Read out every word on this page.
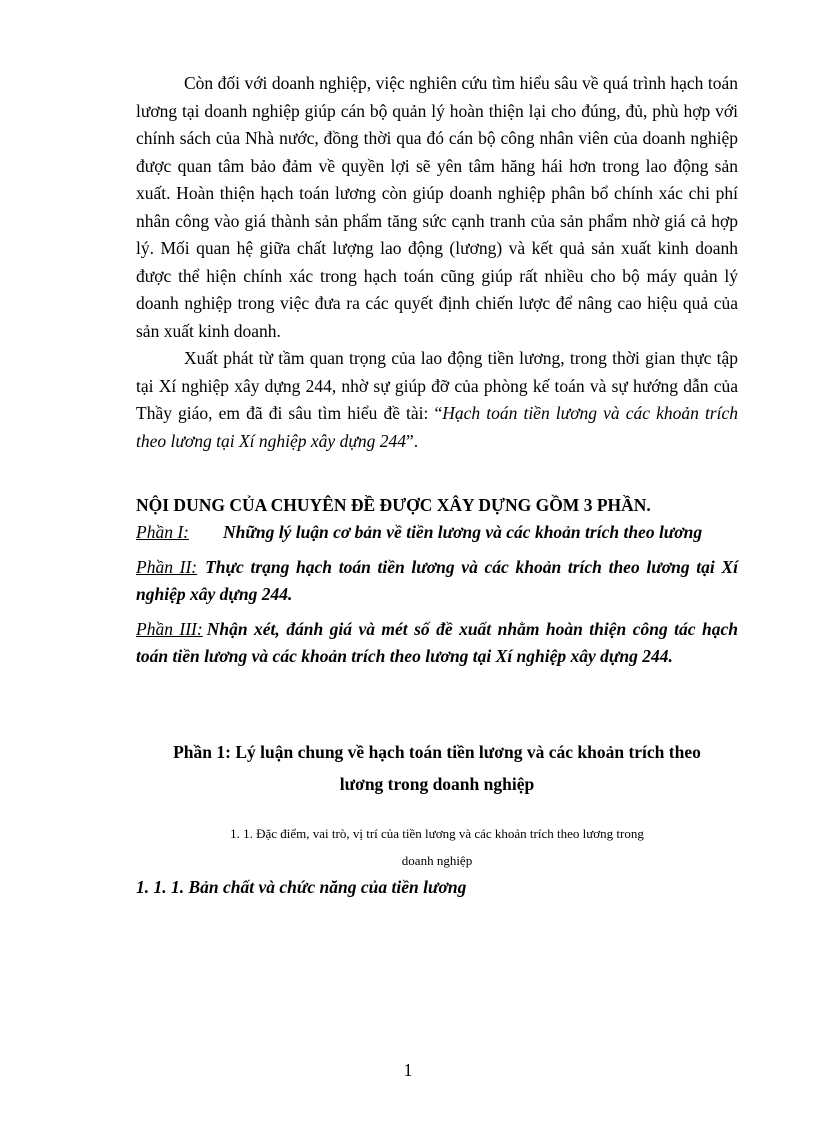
Còn đối với doanh nghiệp, việc nghiên cứu tìm hiểu sâu về quá trình hạch toán lương tại doanh nghiệp giúp cán bộ quản lý hoàn thiện lại cho đúng, đủ, phù hợp với chính sách của Nhà nước, đồng thời qua đó cán bộ công nhân viên của doanh nghiệp được quan tâm bảo đảm về quyền lợi sẽ yên tâm hăng hái hơn trong lao động sản xuất. Hoàn thiện hạch toán lương còn giúp doanh nghiệp phân bổ chính xác chi phí nhân công vào giá thành sản phẩm tăng sức cạnh tranh của sản phẩm nhờ giá cả hợp lý. Mối quan hệ giữa chất lượng lao động (lương) và kết quả sản xuất kinh doanh được thể hiện chính xác trong hạch toán cũng giúp rất nhiều cho bộ máy quản lý doanh nghiệp trong việc đưa ra các quyết định chiến lược để nâng cao hiệu quả của sản xuất kinh doanh.

Xuất phát từ tầm quan trọng của lao động tiền lương, trong thời gian thực tập tại Xí nghiệp xây dựng 244, nhờ sự giúp đỡ của phòng kế toán và sự hướng dẫn của Thầy giáo, em đã đi sâu tìm hiểu đề tài: “Hạch toán tiền lương và các khoản trích theo lương tại Xí nghiệp xây dựng 244”.

NỘI DUNG CỦA CHUYÊN ĐỀ ĐƯỢC XÂY DỰNG GỒM 3 PHẦN.

Phần I: Những lý luận cơ bản về tiền lương và các khoản trích theo lương

Phần II: Thực trạng hạch toán tiền lương và các khoản trích theo lương tại Xí nghiệp xây dựng 244.

Phần III: Nhận xét, đánh giá và mét số đề xuất nhằm hoàn thiện công tác hạch toán tiền lương và các khoản trích theo lương tại Xí nghiệp xây dựng 244.

Phần 1: Lý luận chung về hạch toán tiền lương và các khoản trích theo
lương trong doanh nghiệp

1. 1. Đặc điểm, vai trò, vị trí của tiền lương và các khoản trích theo lương trong
doanh nghiệp

1. 1. 1. Bản chất và chức năng của tiền lương

1
